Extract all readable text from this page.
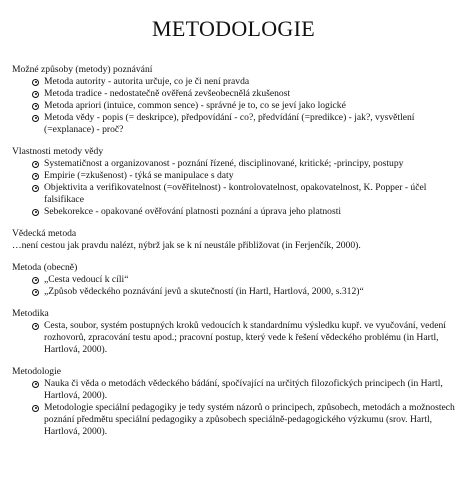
METODOLOGIE

Možné způsoby (metody) poznávání

Metoda autority - autorita určuje, co je či není pravda
Metoda tradice - nedostatečně ověřená zevšeobecnělá zkušenost
Metoda apriori (intuice, common sence) - správné je to, co se jeví jako logické
Metoda vědy - popis (= deskripce), předpovídání - co?, předvídání (=predikce) - jak?, vysvětlení (=explanace) - proč?

Vlastnosti metody vědy

Systematičnost a organizovanost - poznání řízené, disciplinované, kritické; -principy, postupy
Empirie (=zkušenost) - týká se manipulace s daty
Objektivita a verifikovatelnost (=ověřitelnost) - kontrolovatelnost, opakovatelnost, K. Popper - účel falsifikace
Sebekorekce - opakované ověřování platnosti poznání a úprava jeho platnosti

Vědecká metoda

…není cestou jak pravdu nalézt, nýbrž jak se k ní neustále přibližovat (in Ferjenčík, 2000).

Metoda (obecně)

„Cesta vedoucí k cíli“
„Způsob vědeckého poznávání jevů a skutečností (in Hartl, Hartlová, 2000, s.312)“

Metodika

Cesta, soubor, systém postupných kroků vedoucích k standardnímu výsledku kupř. ve vyučování, vedení rozhovorů, zpracování testu apod.; pracovní postup, který vede k řešení vědeckého problému (in Hartl, Hartlová, 2000).

Metodologie

Nauka či věda o metodách vědeckého bádání, spočívající na určitých filozofických principech (in Hartl, Hartlová, 2000).
Metodologie speciální pedagogiky je tedy systém názorů o principech, způsobech, metodách a možnostech poznání předmětu speciální pedagogiky a způsobech speciálně-pedagogického výzkumu (srov. Hartl, Hartlová, 2000).
